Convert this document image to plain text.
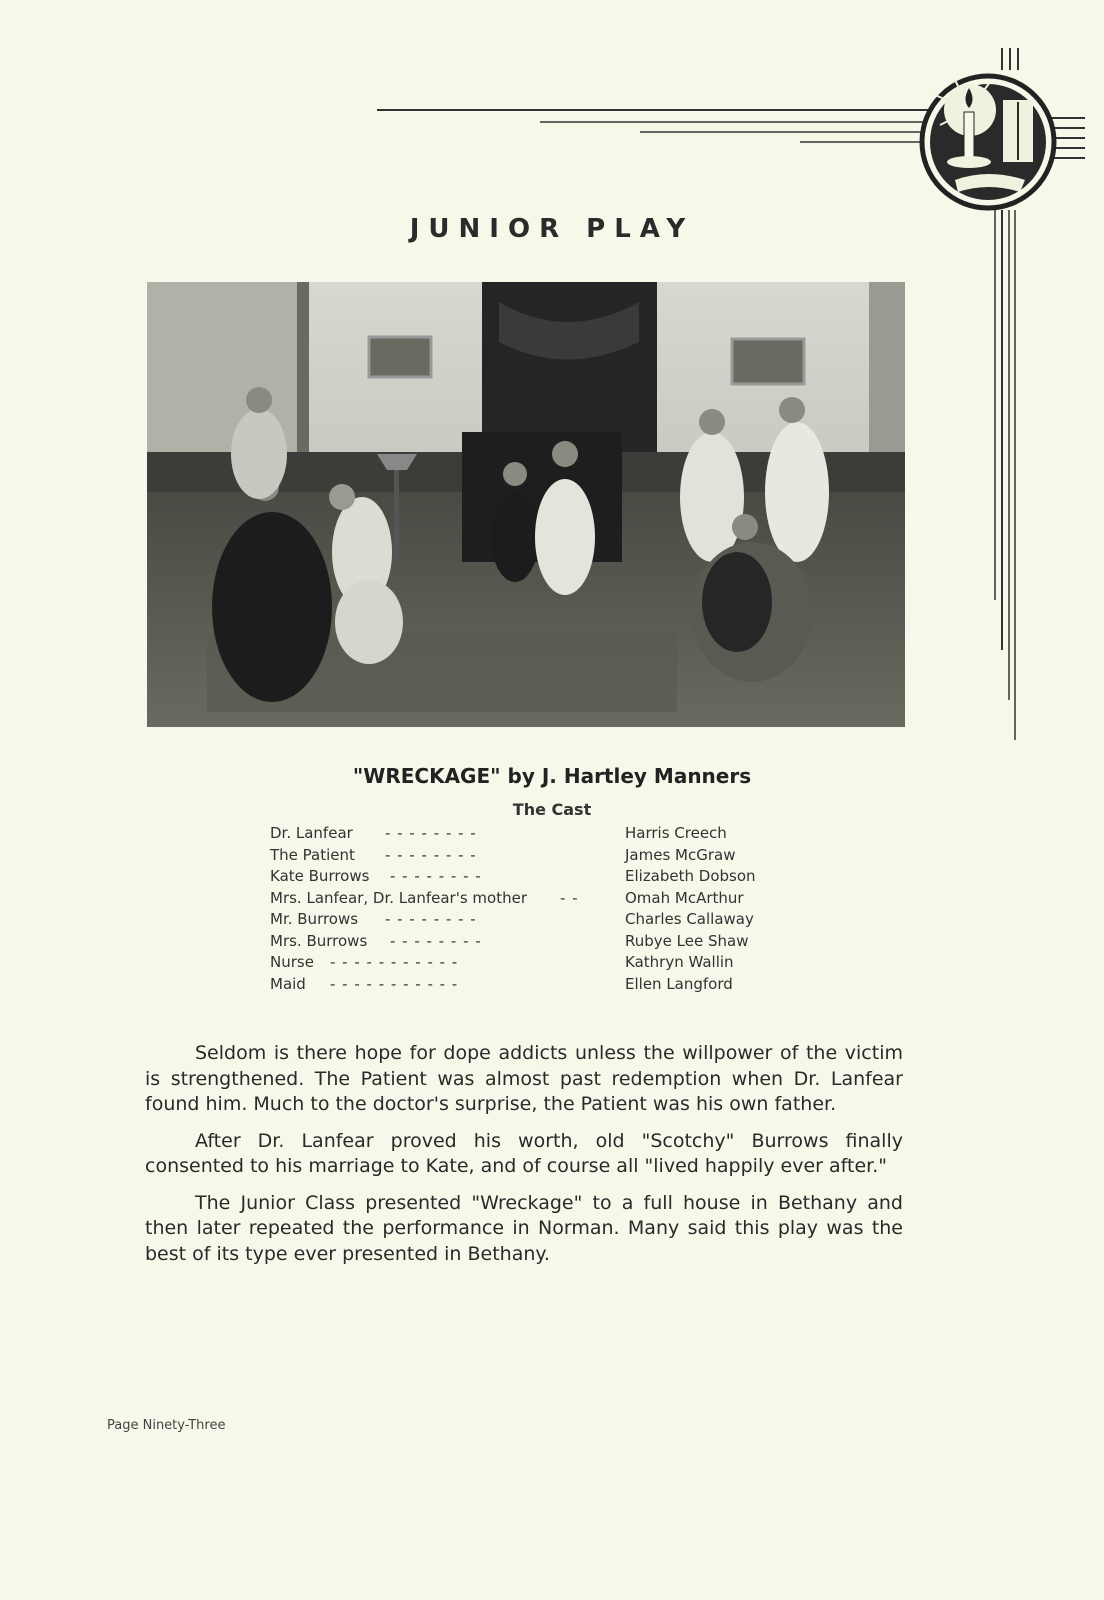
JUNIOR PLAY
"WRECKAGE" by J. Hartley Manners
The Cast
Dr. Lanfear - - - - - - - -	Harris Creech
The Patient - - - - - - - -	James McGraw
Kate Burrows - - - - - - - -	Elizabeth Dobson
Mrs. Lanfear, Dr. Lanfear's mother - -	Omah McArthur
Mr. Burrows - - - - - - - -	Charles Callaway
Mrs. Burrows - - - - - - - -	Rubye Lee Shaw
Nurse - - - - - - - - - - -	Kathryn Wallin
Maid - - - - - - - - - - -	Ellen Langford

Seldom is there hope for dope addicts unless the willpower of the victim is strengthened. The Patient was almost past redemption when Dr. Lanfear found him. Much to the doctor's surprise, the Patient was his own father.

After Dr. Lanfear proved his worth, old "Scotchy" Burrows finally consented to his marriage to Kate, and of course all "lived happily ever after."

The Junior Class presented "Wreckage" to a full house in Bethany and then later repeated the performance in Norman. Many said this play was the best of its type ever presented in Bethany.

Page Ninety-Three
